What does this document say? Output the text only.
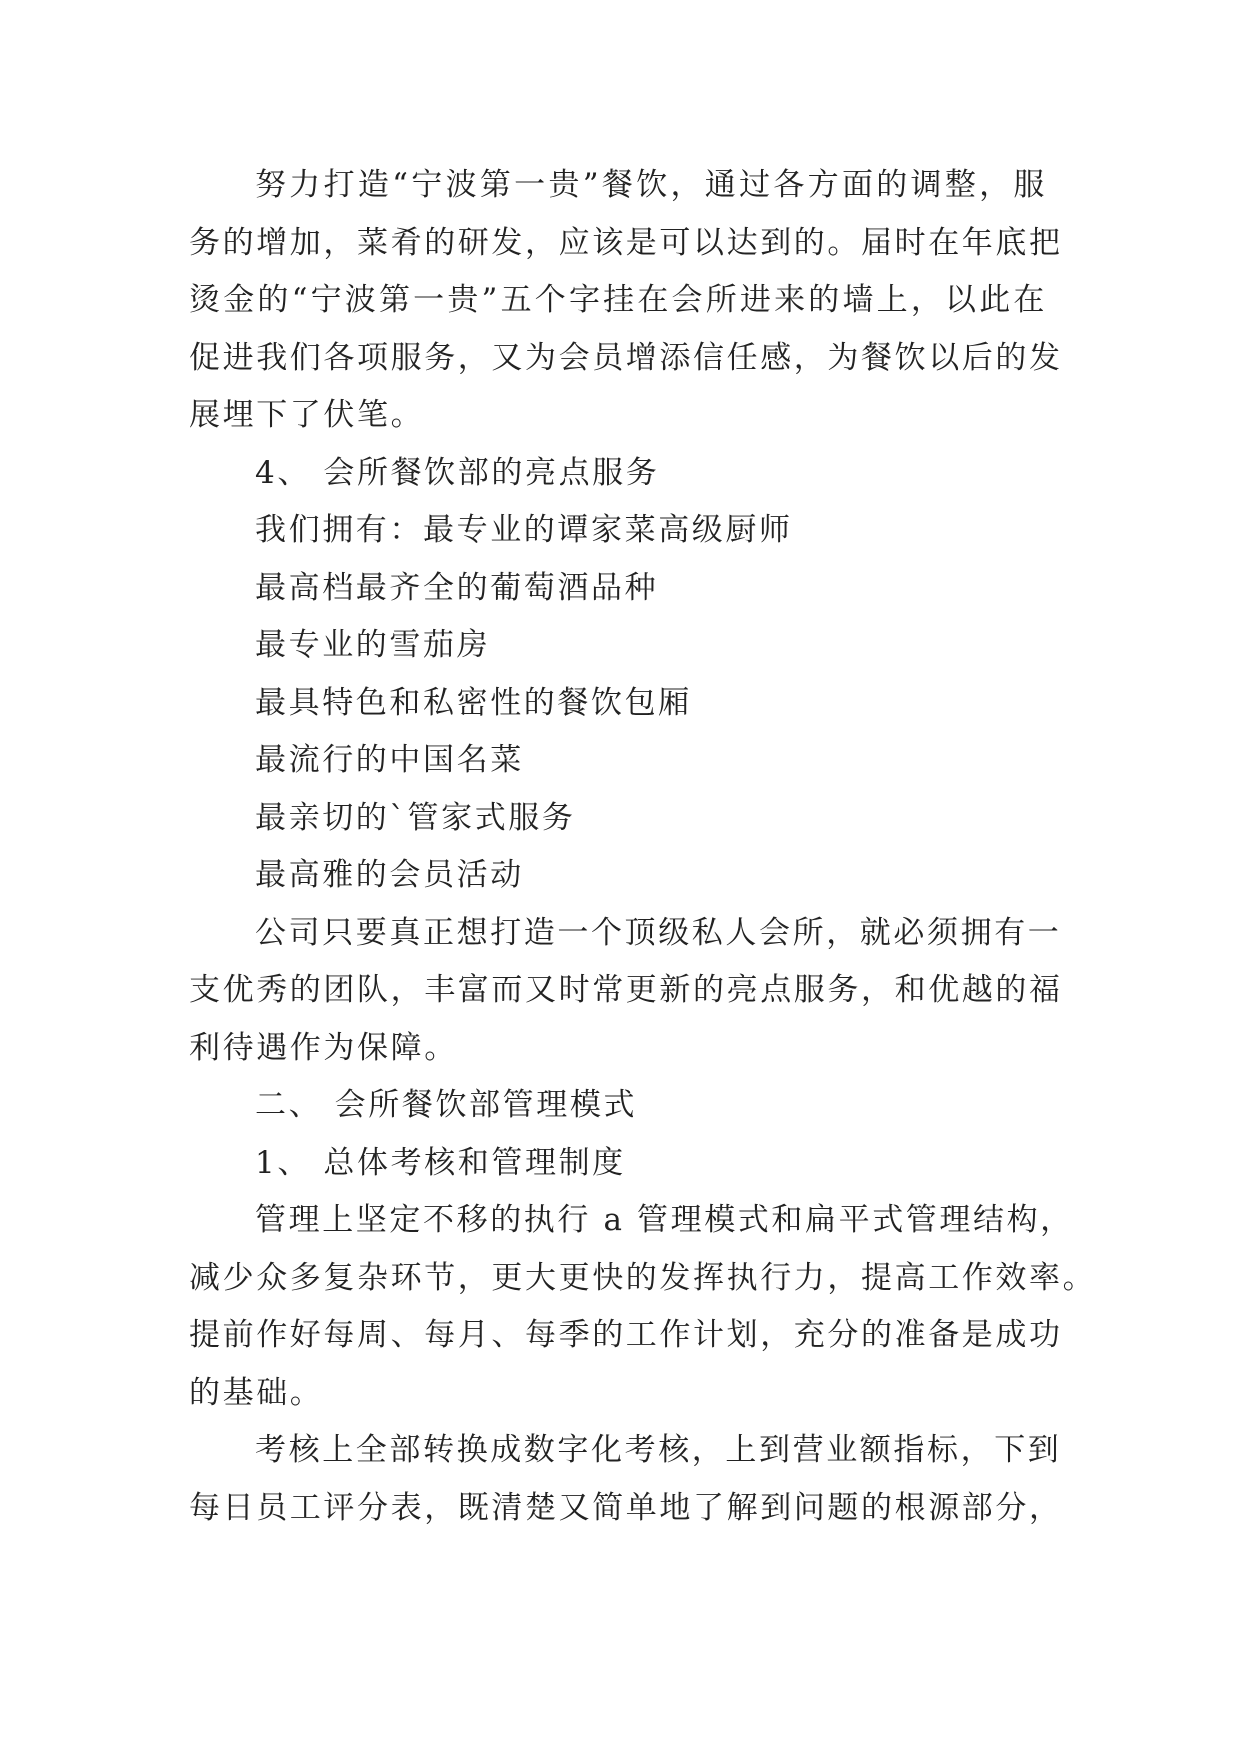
努力打造“宁波第一贵”餐饮，通过各方面的调整，服
务的增加，菜肴的研发，应该是可以达到的。届时在年底把
烫金的“宁波第一贵”五个字挂在会所进来的墙上，以此在
促进我们各项服务，又为会员增添信任感，为餐饮以后的发
展埋下了伏笔。
4、 会所餐饮部的亮点服务
我们拥有：最专业的谭家菜高级厨师
最高档最齐全的葡萄酒品种
最专业的雪茄房
最具特色和私密性的餐饮包厢
最流行的中国名菜
最亲切的`管家式服务
最高雅的会员活动
公司只要真正想打造一个顶级私人会所，就必须拥有一
支优秀的团队，丰富而又时常更新的亮点服务，和优越的福
利待遇作为保障。
二、 会所餐饮部管理模式
1、 总体考核和管理制度
管理上坚定不移的执行 a 管理模式和扁平式管理结构，
减少众多复杂环节，更大更快的发挥执行力，提高工作效率。
提前作好每周、每月、每季的工作计划，充分的准备是成功
的基础。
考核上全部转换成数字化考核，上到营业额指标，下到
每日员工评分表，既清楚又简单地了解到问题的根源部分，
